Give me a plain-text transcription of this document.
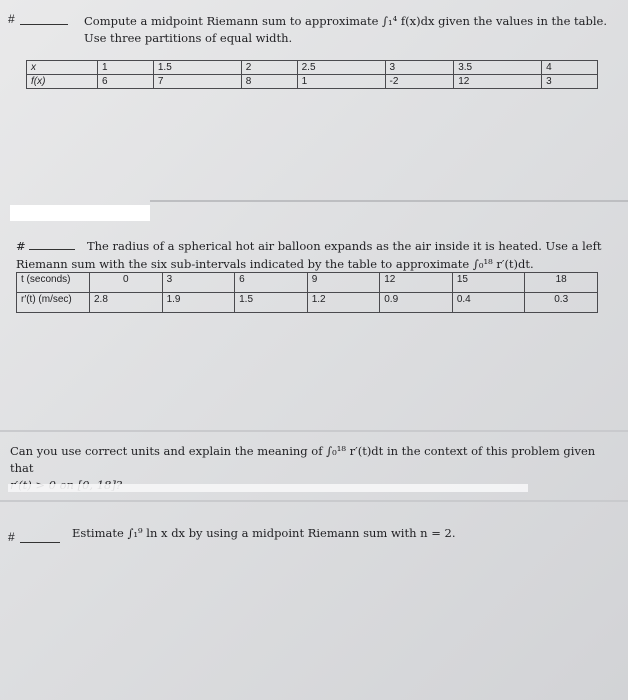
#	Compute a midpoint Riemann sum to approximate ∫₁⁴ f(x)dx given the values in the table.
Use three partitions of equal width.
x	1	1.5	2	2.5	3	3.5	4
f(x)	6	7	8	1	-2	12	3
#	The radius of a spherical hot air balloon expands as the air inside it is heated. Use a left
Riemann sum with the six sub-intervals indicated by the table to approximate ∫₀¹⁸ r′(t)dt.
t (seconds)	0	3	6	9	12	15	18
r′(t) (m/sec)	2.8	1.9	1.5	1.2	0.9	0.4	0.3
Can you use correct units and explain the meaning of ∫₀¹⁸ r′(t)dt in the context of this problem given that
#	Estimate ∫₁⁹ ln x dx by using a midpoint Riemann sum with n = 2.
